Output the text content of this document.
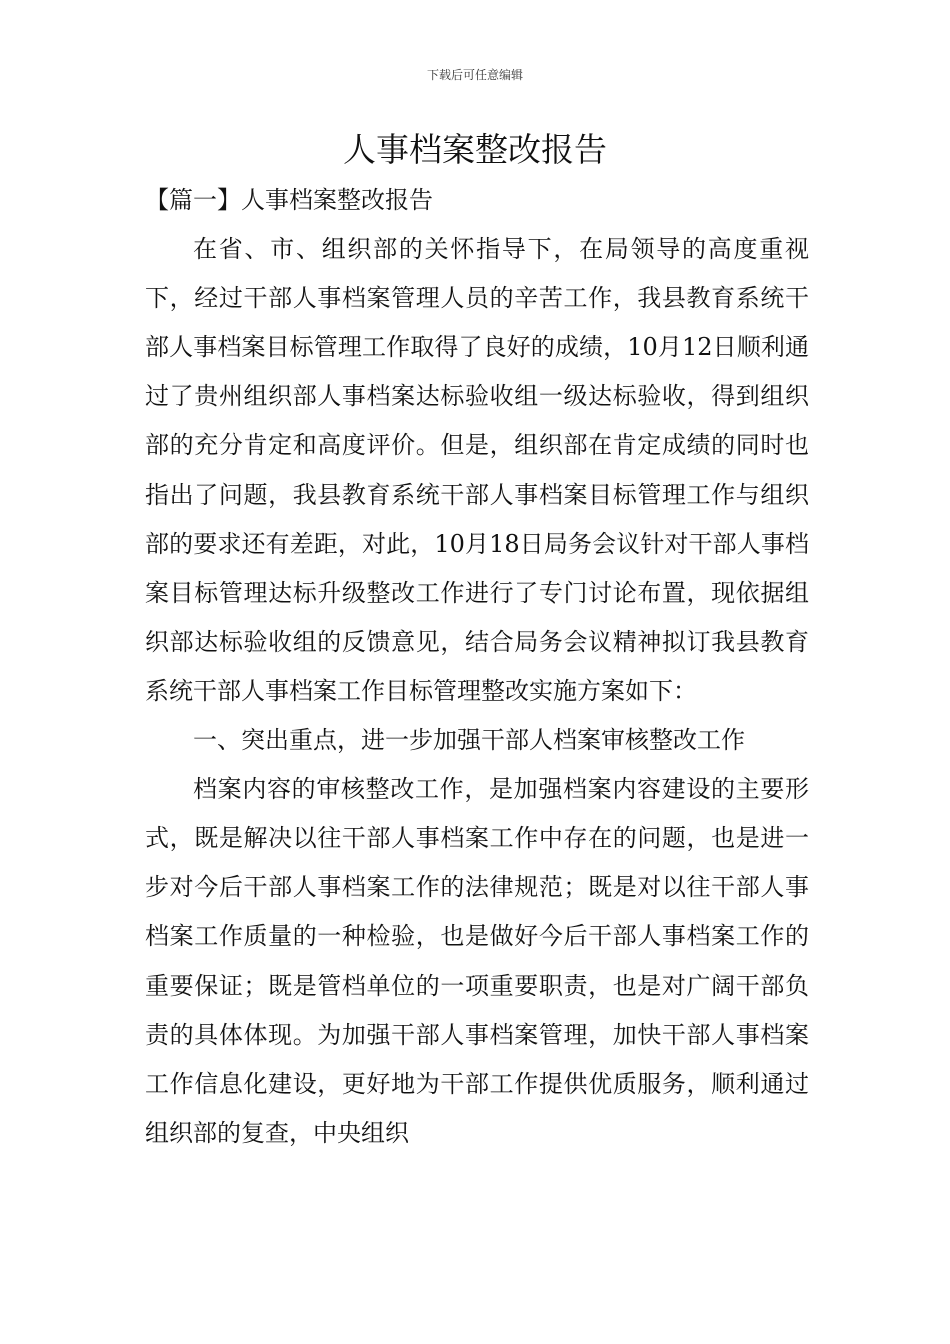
下载后可任意编辑
人事档案整改报告

【篇一】人事档案整改报告

在省、市、组织部的关怀指导下，在局领导的高度重视下，经过干部人事档案管理人员的辛苦工作，我县教育系统干部人事档案目标管理工作取得了良好的成绩，10月12日顺利通过了贵州组织部人事档案达标验收组一级达标验收，得到组织部的充分肯定和高度评价。但是，组织部在肯定成绩的同时也指出了问题，我县教育系统干部人事档案目标管理工作与组织部的要求还有差距，对此，10月18日局务会议针对干部人事档案目标管理达标升级整改工作进行了专门讨论布置，现依据组织部达标验收组的反馈意见，结合局务会议精神拟订我县教育系统干部人事档案工作目标管理整改实施方案如下：

一、突出重点，进一步加强干部人档案审核整改工作

档案内容的审核整改工作，是加强档案内容建设的主要形式，既是解决以往干部人事档案工作中存在的问题，也是进一步对今后干部人事档案工作的法律规范；既是对以往干部人事档案工作质量的一种检验，也是做好今后干部人事档案工作的重要保证；既是管档单位的一项重要职责，也是对广阔干部负责的具体体现。为加强干部人事档案管理，加快干部人事档案工作信息化建设，更好地为干部工作提供优质服务，顺利通过组织部的复查，中央组织
